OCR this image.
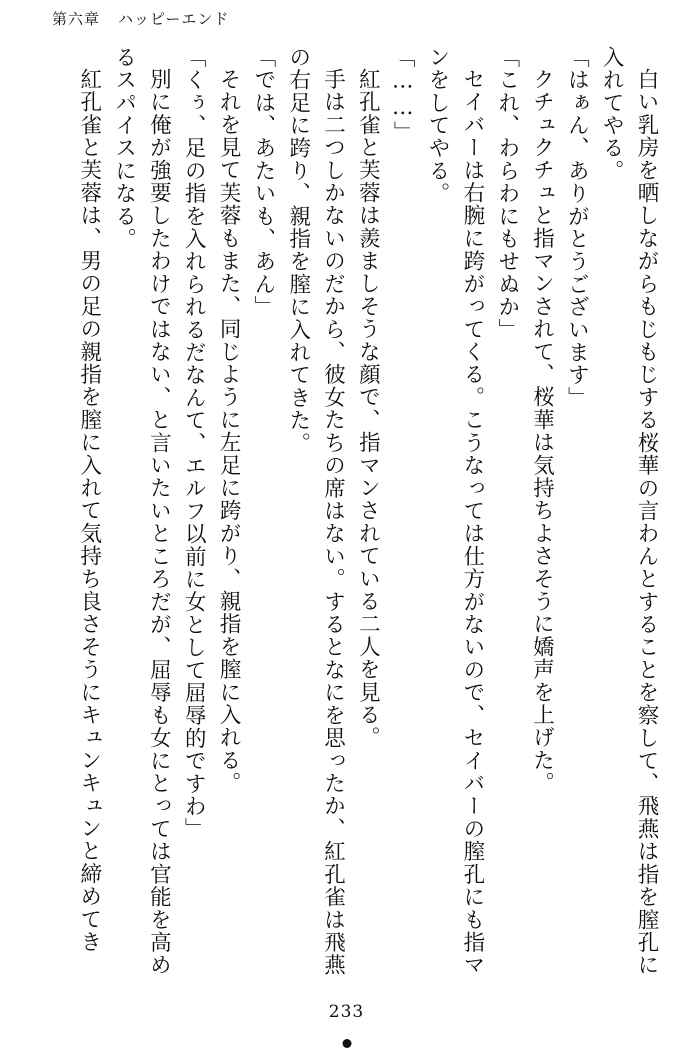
第六章 ハッピーエンド

白い乳房を晒しながらもじもじする桜華の言わんとすることを察して、飛燕は指を膣孔に入れてやる。

「はぁん、ありがとうございます」

クチュクチュと指マンされて、桜華は気持ちよさそうに嬌声を上げた。

「これ、わらわにもせぬか」

セイバーは右腕に跨がってくる。こうなっては仕方がないので、セイバーの膣孔にも指マンをしてやる。

「……」

紅孔雀と芙蓉は羨ましそうな顔で、指マンされている二人を見る。

手は二つしかないのだから、彼女たちの席はない。するとなにを思ったか、紅孔雀は飛燕の右足に跨り、親指を膣に入れてきた。

「では、あたいも、あん」

それを見て芙蓉もまた、同じように左足に跨がり、親指を膣に入れる。

「くぅ、足の指を入れられるだなんて、エルフ以前に女として屈辱的ですわ」

別に俺が強要したわけではない、と言いたいところだが、屈辱も女にとっては官能を高めるスパイスになる。

紅孔雀と芙蓉は、男の足の親指を膣に入れて気持ち良さそうにキュンキュンと締めてき

233
